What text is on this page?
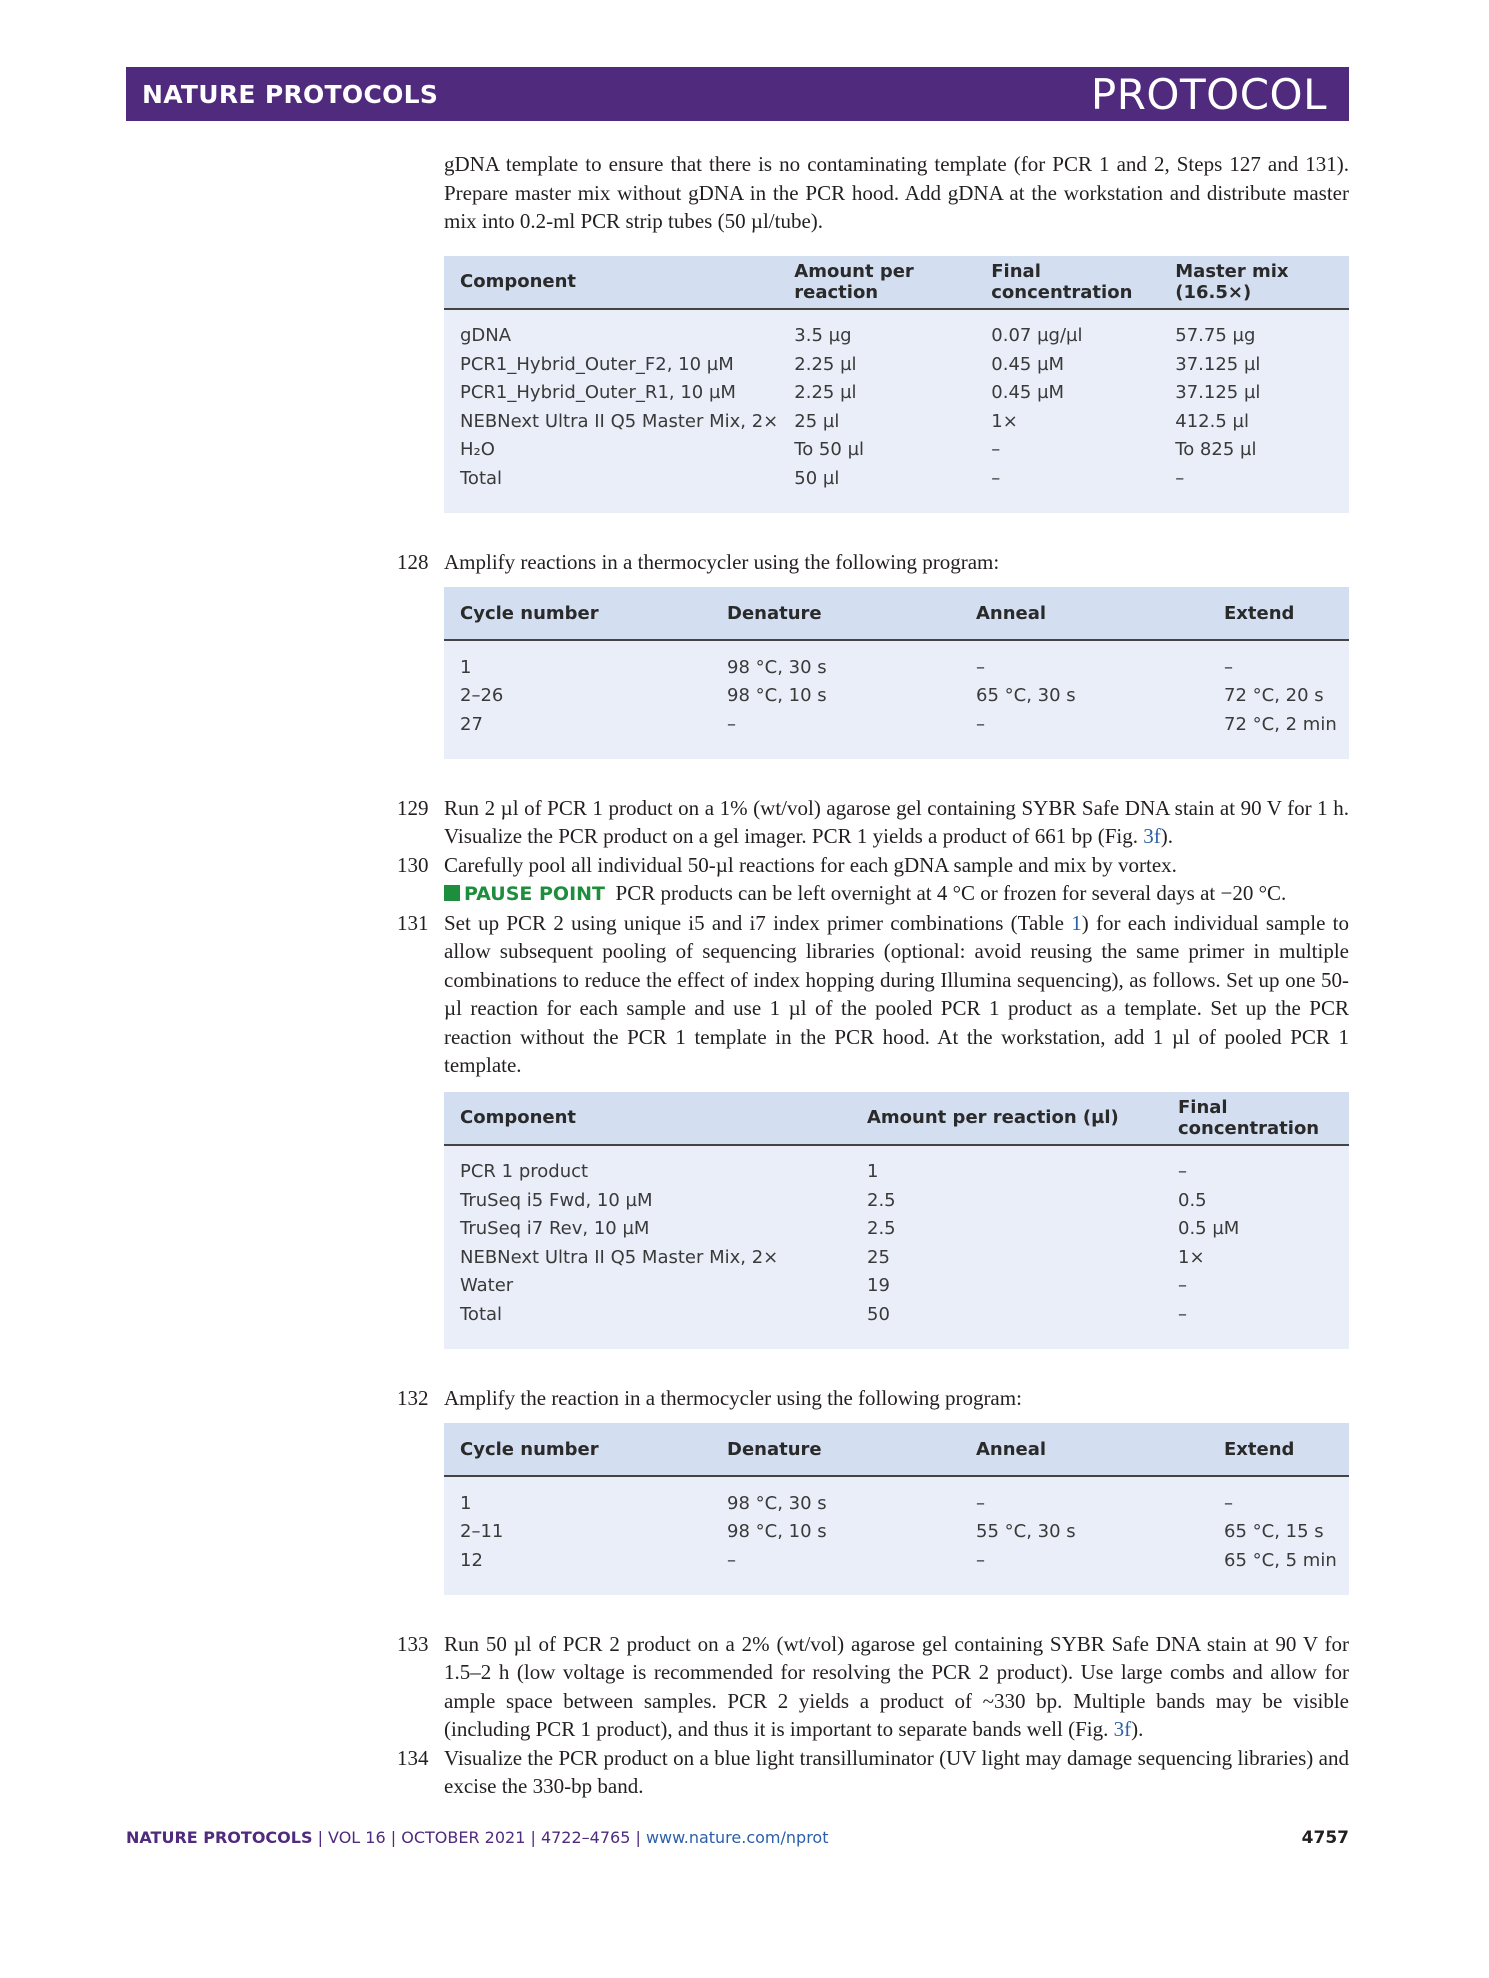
NATURE PROTOCOLS	PROTOCOL

gDNA template to ensure that there is no contaminating template (for PCR 1 and 2, Steps 127 and 131). Prepare master mix without gDNA in the PCR hood. Add gDNA at the workstation and distribute master mix into 0.2-ml PCR strip tubes (50 µl/tube).

Component	Amount per reaction	Final concentration	Master mix (16.5×)
gDNA	3.5 µg	0.07 µg/µl	57.75 µg
PCR1_Hybrid_Outer_F2, 10 µM	2.25 µl	0.45 µM	37.125 µl
PCR1_Hybrid_Outer_R1, 10 µM	2.25 µl	0.45 µM	37.125 µl
NEBNext Ultra II Q5 Master Mix, 2×	25 µl	1×	412.5 µl
H₂O	To 50 µl	–	To 825 µl
Total	50 µl	–	–
128 Amplify reactions in a thermocycler using the following program:

Cycle number	Denature	Anneal	Extend
1	98 °C, 30 s	–	–
2–26	98 °C, 10 s	65 °C, 30 s	72 °C, 20 s
27	–	–	72 °C, 2 min
129 Run 2 µl of PCR 1 product on a 1% (wt/vol) agarose gel containing SYBR Safe DNA stain at 90 V for 1 h. Visualize the PCR product on a gel imager. PCR 1 yields a product of 661 bp (Fig. 3f).

130 Carefully pool all individual 50-µl reactions for each gDNA sample and mix by vortex.

PAUSE POINT PCR products can be left overnight at 4 °C or frozen for several days at −20 °C.

131 Set up PCR 2 using unique i5 and i7 index primer combinations (Table 1) for each individual sample to allow subsequent pooling of sequencing libraries (optional: avoid reusing the same primer in multiple combinations to reduce the effect of index hopping during Illumina sequencing), as follows. Set up one 50-µl reaction for each sample and use 1 µl of the pooled PCR 1 product as a template. Set up the PCR reaction without the PCR 1 template in the PCR hood. At the workstation, add 1 µl of pooled PCR 1 template.

Component	Amount per reaction (µl)	Final concentration
PCR 1 product	1	–
TruSeq i5 Fwd, 10 µM	2.5	0.5
TruSeq i7 Rev, 10 µM	2.5	0.5 µM
NEBNext Ultra II Q5 Master Mix, 2×	25	1×
Water	19	–
Total	50	–
132 Amplify the reaction in a thermocycler using the following program:

Cycle number	Denature	Anneal	Extend
1	98 °C, 30 s	–	–
2–11	98 °C, 10 s	55 °C, 30 s	65 °C, 15 s
12	–	–	65 °C, 5 min
133 Run 50 µl of PCR 2 product on a 2% (wt/vol) agarose gel containing SYBR Safe DNA stain at 90 V for 1.5–2 h (low voltage is recommended for resolving the PCR 2 product). Use large combs and allow for ample space between samples. PCR 2 yields a product of ~330 bp. Multiple bands may be visible (including PCR 1 product), and thus it is important to separate bands well (Fig. 3f).

134 Visualize the PCR product on a blue light transilluminator (UV light may damage sequencing libraries) and excise the 330-bp band.

NATURE PROTOCOLS | VOL 16 | OCTOBER 2021 | 4722–4765 | www.nature.com/nprot	4757
